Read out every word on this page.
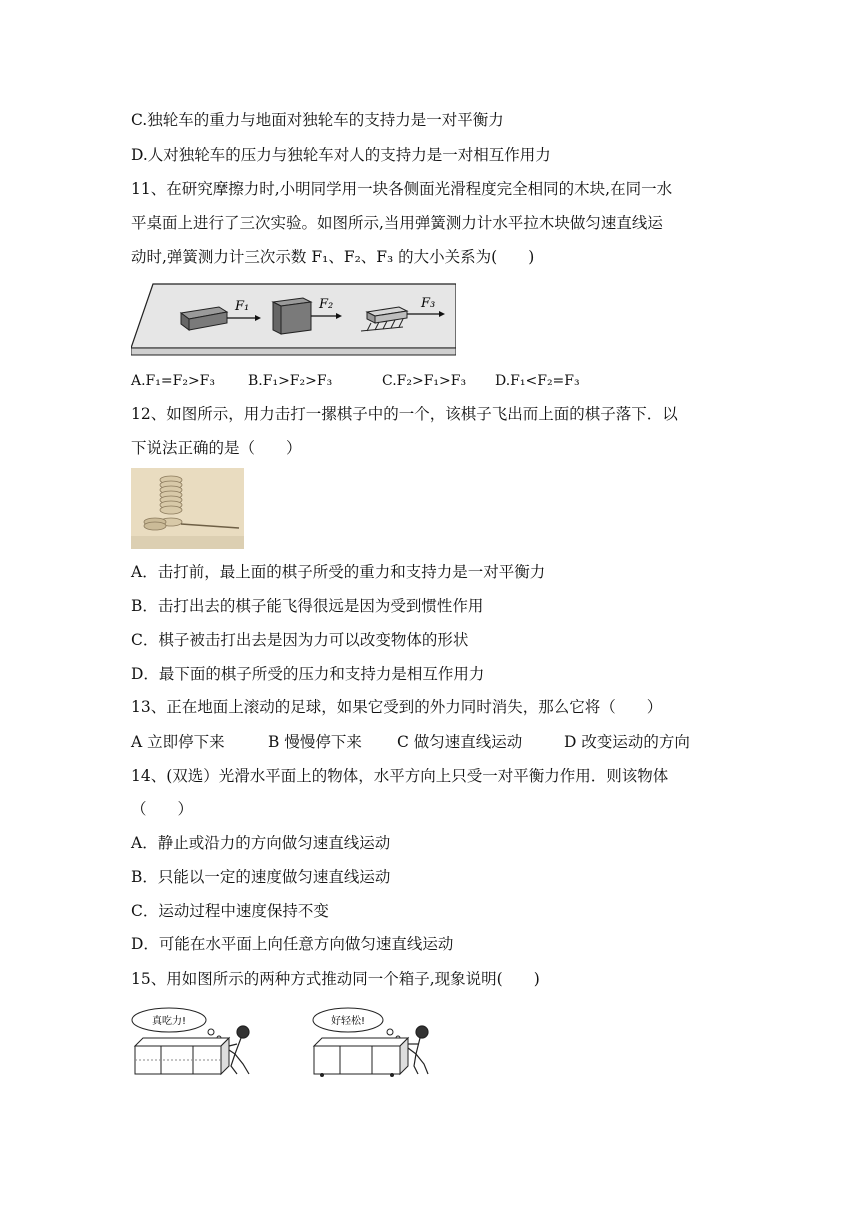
C.独轮车的重力与地面对独轮车的支持力是一对平衡力
D.人对独轮车的压力与独轮车对人的支持力是一对相互作用力
11、在研究摩擦力时,小明同学用一块各侧面光滑程度完全相同的木块,在同一水
平桌面上进行了三次实验。如图所示,当用弹簧测力计水平拉木块做匀速直线运
动时,弹簧测力计三次示数 F₁、F₂、F₃ 的大小关系为(　　)
F₁	F₂	F₃
A.F₁=F₂>F₃ B.F₁>F₂>F₃	C.F₂>F₁>F₃ D.F₁<F₂=F₃
12、如图所示，用力击打一摞棋子中的一个，该棋子飞出而上面的棋子落下．以
下说法正确的是（　　）
A．击打前，最上面的棋子所受的重力和支持力是一对平衡力
B．击打出去的棋子能飞得很远是因为受到惯性作用
C．棋子被击打出去是因为力可以改变物体的形状
D．最下面的棋子所受的压力和支持力是相互作用力
13、正在地面上滚动的足球，如果它受到的外力同时消失，那么它将（　　）
A 立即停下来	B 慢慢停下来 C 做匀速直线运动	D 改变运动的方向
14、(双选）光滑水平面上的物体，水平方向上只受一对平衡力作用．则该物体
（　　）
A．静止或沿力的方向做匀速直线运动
B．只能以一定的速度做匀速直线运动
C．运动过程中速度保持不变
D．可能在水平面上向任意方向做匀速直线运动
15、用如图所示的两种方式推动同一个箱子,现象说明(　　)
真吃力!	好轻松!
